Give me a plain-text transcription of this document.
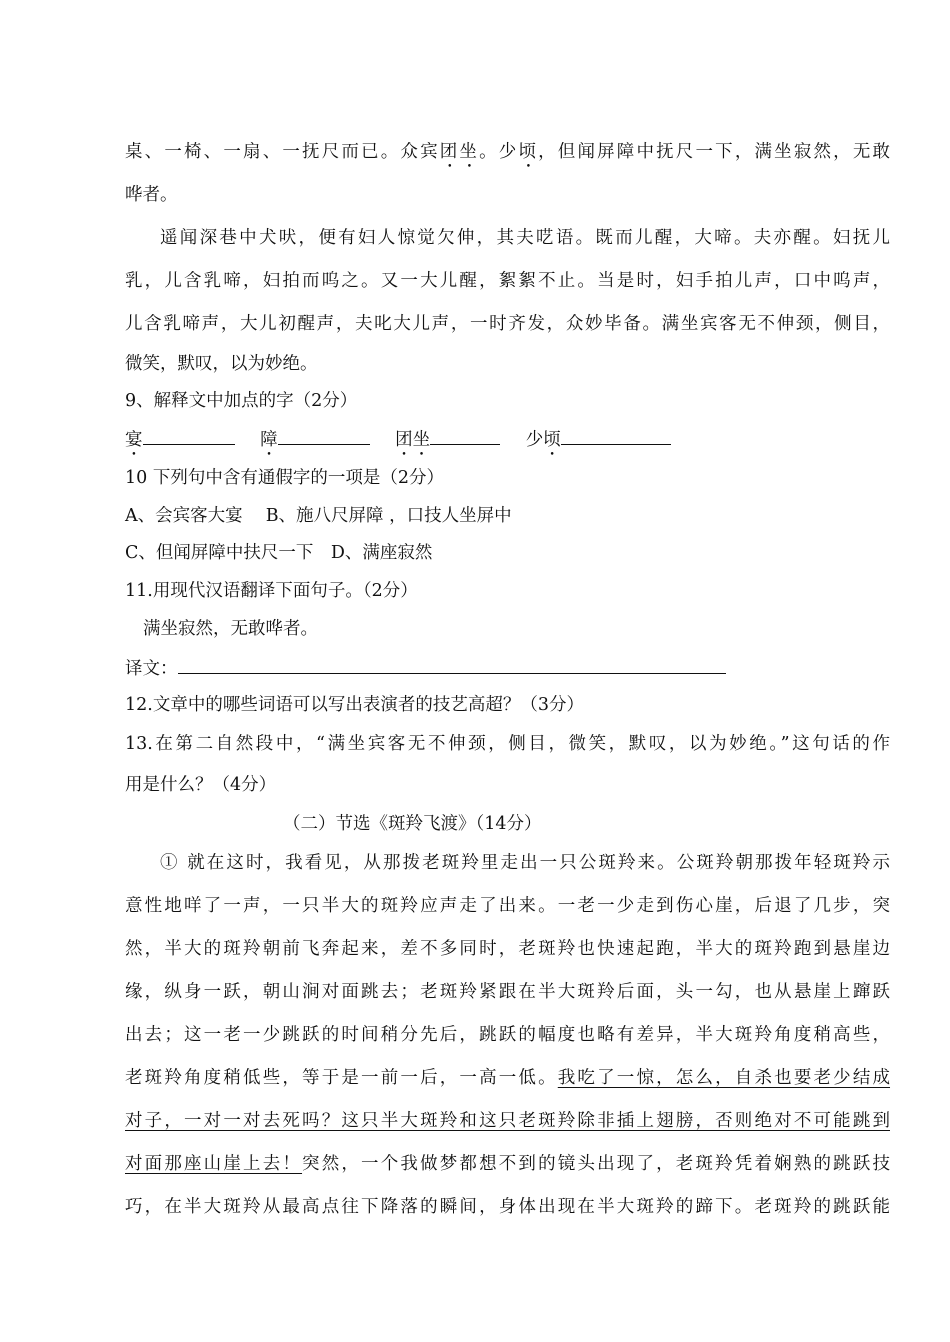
桌、一椅、一扇、一抚尺而已。众宾团坐。少顷，但闻屏障中抚尺一下，满坐寂然，无敢
哗者。
遥闻深巷中犬吠，便有妇人惊觉欠伸，其夫呓语。既而儿醒，大啼。夫亦醒。妇抚儿
乳，儿含乳啼，妇拍而呜之。又一大儿醒，絮絮不止。当是时，妇手拍儿声，口中呜声，
儿含乳啼声，大儿初醒声，夫叱大儿声，一时齐发，众妙毕备。满坐宾客无不伸颈，侧目，
微笑，默叹，以为妙绝。
9、解释文中加点的字（2分）
宴	障	团坐	少顷
10 下列句中含有通假字的一项是（2分）
A、会宾客大宴　 B、施八尺屏障 ，口技人坐屏中
C、但闻屏障中扶尺一下　D、满座寂然
11.用现代汉语翻译下面句子。（2分）
满坐寂然，无敢哗者。
译文：
12.文章中的哪些词语可以写出表演者的技艺高超？（3分）
13.在第二自然段中，“满坐宾客无不伸颈，侧目，微笑，默叹，以为妙绝。”这句话的作
用是什么？（4分）
（二）节选《斑羚飞渡》（14分）
① 就在这时，我看见，从那拨老斑羚里走出一只公斑羚来。公斑羚朝那拨年轻斑羚示
意性地咩了一声，一只半大的斑羚应声走了出来。一老一少走到伤心崖，后退了几步，突
然，半大的斑羚朝前飞奔起来，差不多同时，老斑羚也快速起跑，半大的斑羚跑到悬崖边
缘，纵身一跃，朝山涧对面跳去；老斑羚紧跟在半大斑羚后面，头一勾，也从悬崖上蹿跃
出去；这一老一少跳跃的时间稍分先后，跳跃的幅度也略有差异，半大斑羚角度稍高些，
老斑羚角度稍低些，等于是一前一后，一高一低。我吃了一惊，怎么，自杀也要老少结成
对子，一对一对去死吗？这只半大斑羚和这只老斑羚除非插上翅膀，否则绝对不可能跳到
对面那座山崖上去！突然，一个我做梦都想不到的镜头出现了，老斑羚凭着娴熟的跳跃技
巧，在半大斑羚从最高点往下降落的瞬间，身体出现在半大斑羚的蹄下。老斑羚的跳跃能
